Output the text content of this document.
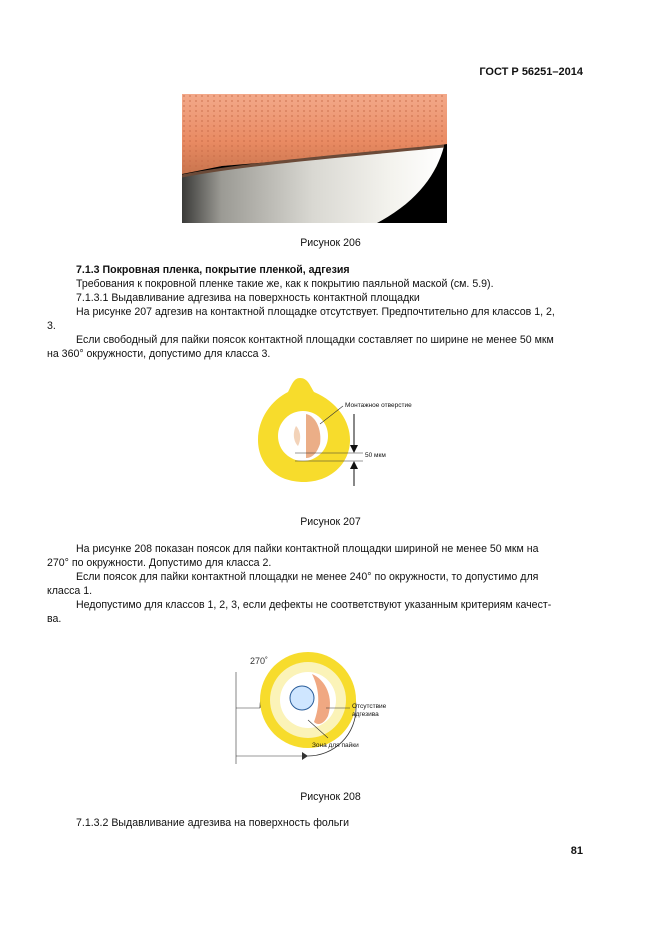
ГОСТ Р 56251–2014
Рисунок 206
7.1.3 Покровная пленка, покрытие пленкой, адгезия
Требования к покровной пленке такие же, как к покрытию паяльной маской (см. 5.9).
7.1.3.1 Выдавливание адгезива на поверхность контактной площадки
На рисунке 207 адгезив на контактной площадке отсутствует. Предпочтительно для классов 1, 2,
3.
Если свободный для пайки поясок контактной площадки составляет по ширине не менее 50 мкм
на 360° окружности, допустимо для класса 3.
Монтажное отверстие
50 мкм
Рисунок 207
На рисунке 208 показан поясок для пайки контактной площадки шириной не менее 50 мкм на
270° по окружности. Допустимо для класса 2.
Если поясок для пайки контактной площадки не менее 240° по окружности, то допустимо для
класса 1.
Недопустимо для классов 1, 2, 3, если дефекты не соответствуют указанным критериям качест-
ва.
270˚
Отсутствие
адгезива
Зона для пайки
Рисунок 208
7.1.3.2 Выдавливание адгезива на поверхность фольги
81
